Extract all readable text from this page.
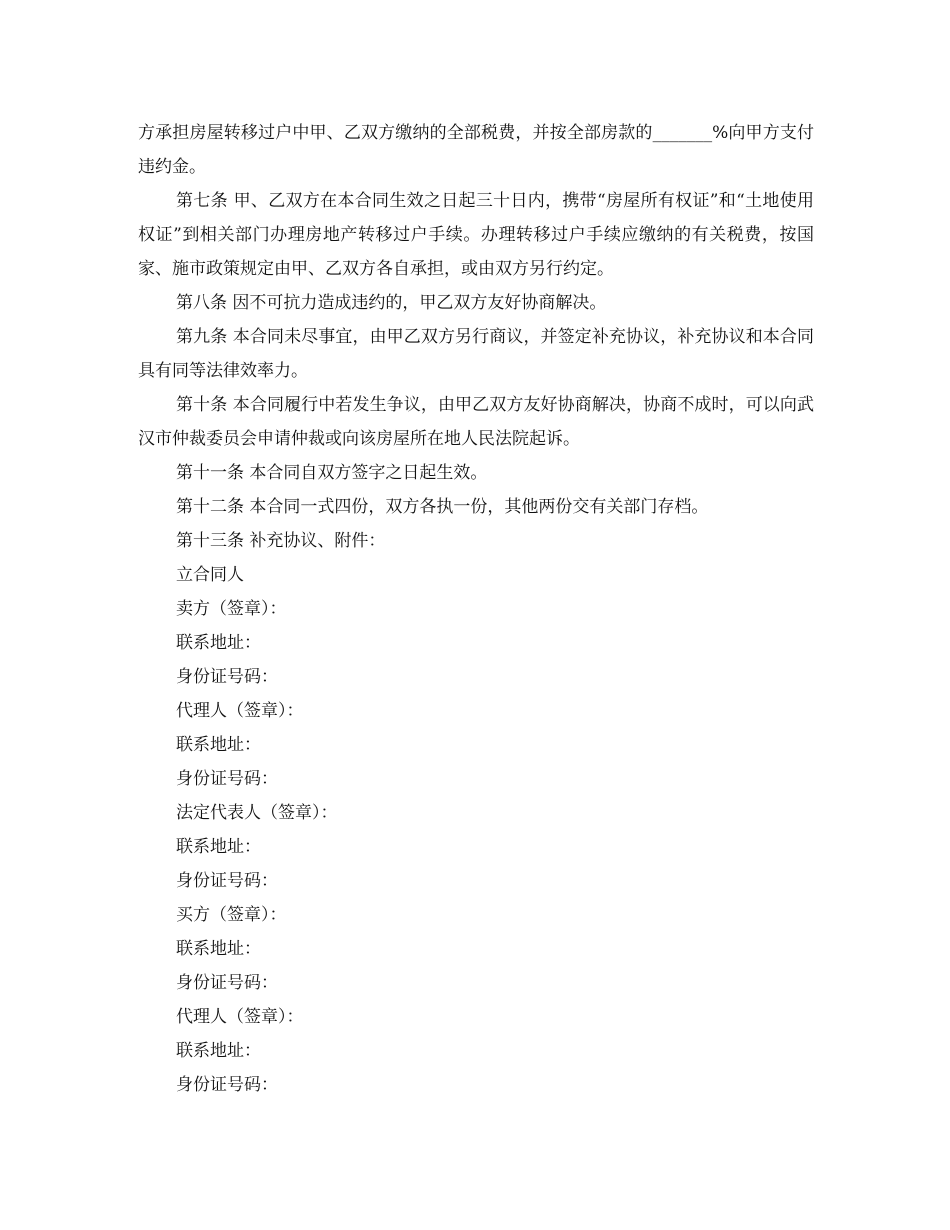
方承担房屋转移过户中甲、乙双方缴纳的全部税费，并按全部房款的_______%向甲方支付违约金。

第七条 甲、乙双方在本合同生效之日起三十日内，携带“房屋所有权证”和“土地使用权证”到相关部门办理房地产转移过户手续。办理转移过户手续应缴纳的有关税费，按国家、施市政策规定由甲、乙双方各自承担，或由双方另行约定。

第八条 因不可抗力造成违约的，甲乙双方友好协商解决。

第九条 本合同未尽事宜，由甲乙双方另行商议，并签定补充协议，补充协议和本合同具有同等法律效率力。

第十条 本合同履行中若发生争议，由甲乙双方友好协商解决，协商不成时，可以向武汉市仲裁委员会申请仲裁或向该房屋所在地人民法院起诉。

第十一条 本合同自双方签字之日起生效。

第十二条 本合同一式四份，双方各执一份，其他两份交有关部门存档。

第十三条 补充协议、附件：

立合同人

卖方（签章）：

联系地址：

身份证号码：

代理人（签章）：

联系地址：

身份证号码：

法定代表人（签章）：

联系地址：

身份证号码：

买方（签章）：

联系地址：

身份证号码：

代理人（签章）：

联系地址：

身份证号码：
